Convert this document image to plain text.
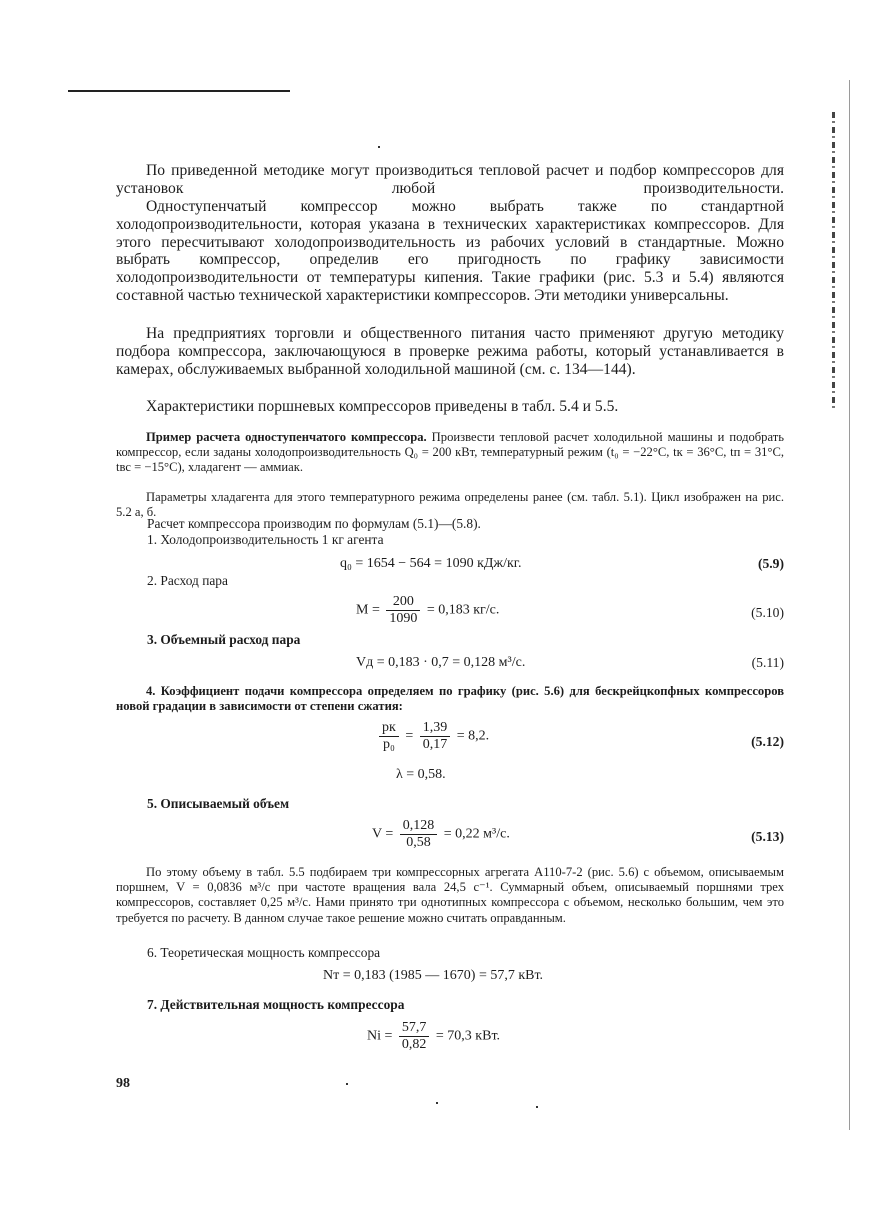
По приведенной методике могут производиться тепловой расчет и подбор компрессоров для установок любой производительности.

Одноступенчатый компрессор можно выбрать также по стандартной холодопроизводительности, которая указана в технических характеристиках компрессоров. Для этого пересчитывают холодопроизводительность из рабочих условий в стандартные. Можно выбрать компрессор, определив его пригодность по графику зависимости холодопроизводительности от температуры кипения. Такие графики (рис. 5.3 и 5.4) являются составной частью технической характеристики компрессоров. Эти методики универсальны.

На предприятиях торговли и общественного питания часто применяют другую методику подбора компрессора, заключающуюся в проверке режима работы, который устанавливается в камерах, обслуживаемых выбранной холодильной машиной (см. с. 134—144).

Характеристики поршневых компрессоров приведены в табл. 5.4 и 5.5.

Пример расчета одноступенчатого компрессора. Произвести тепловой расчет холодильной машины и подобрать компрессор, если заданы холодопроизводительность Q₀ = 200 кВт, температурный режим (t₀ = −22°C, tк = 36°C, tп = 31°C, tвс = −15°C), хладагент — аммиак.

Параметры хладагента для этого температурного режима определены ранее (см. табл. 5.1). Цикл изображен на рис. 5.2 а, б.

Расчет компрессора производим по формулам (5.1)—(5.8).
1. Холодопроизводительность 1 кг агента
q₀ = 1654 − 564 = 1090 кДж/кг.	(5.9)
2. Расход пара
$M = \frac{200}{1090} = 0,183$ кг/с.	(5.10)
3. Объемный расход пара
Vд = 0,183 · 0,7 = 0,128 м³/с.	(5.11)

4. Коэффициент подачи компрессора определяем по графику (рис. 5.6) для бескрейцкопфных компрессоров новой градации в зависимости от степени сжатия:

$\frac{pк}{\text{p₀}} = \frac{1,39}{0,17} = 8,2$.	(5.12)
λ = 0,58.
5. Описываемый объем
$V = \frac{0,128}{0,58} = 0,22$ м³/с.	(5.13)

По этому объему в табл. 5.5 подбираем три компрессорных агрегата А110-7-2 (рис. 5.6) с объемом, описываемым поршнем, V = 0,0836 м³/с при частоте вращения вала 24,5 с⁻¹. Суммарный объем, описываемый поршнями трех компрессоров, составляет 0,25 м³/с. Нами принято три однотипных компрессора с объемом, несколько большим, чем это требуется по расчету. В данном случае такое решение можно считать оправданным.

6. Теоретическая мощность компрессора
Nт = 0,183 (1985 — 1670) = 57,7 кВт.
7. Действительная мощность компрессора
$Ni = \frac{57,7}{0,82} = 70,3$ кВт.
98
